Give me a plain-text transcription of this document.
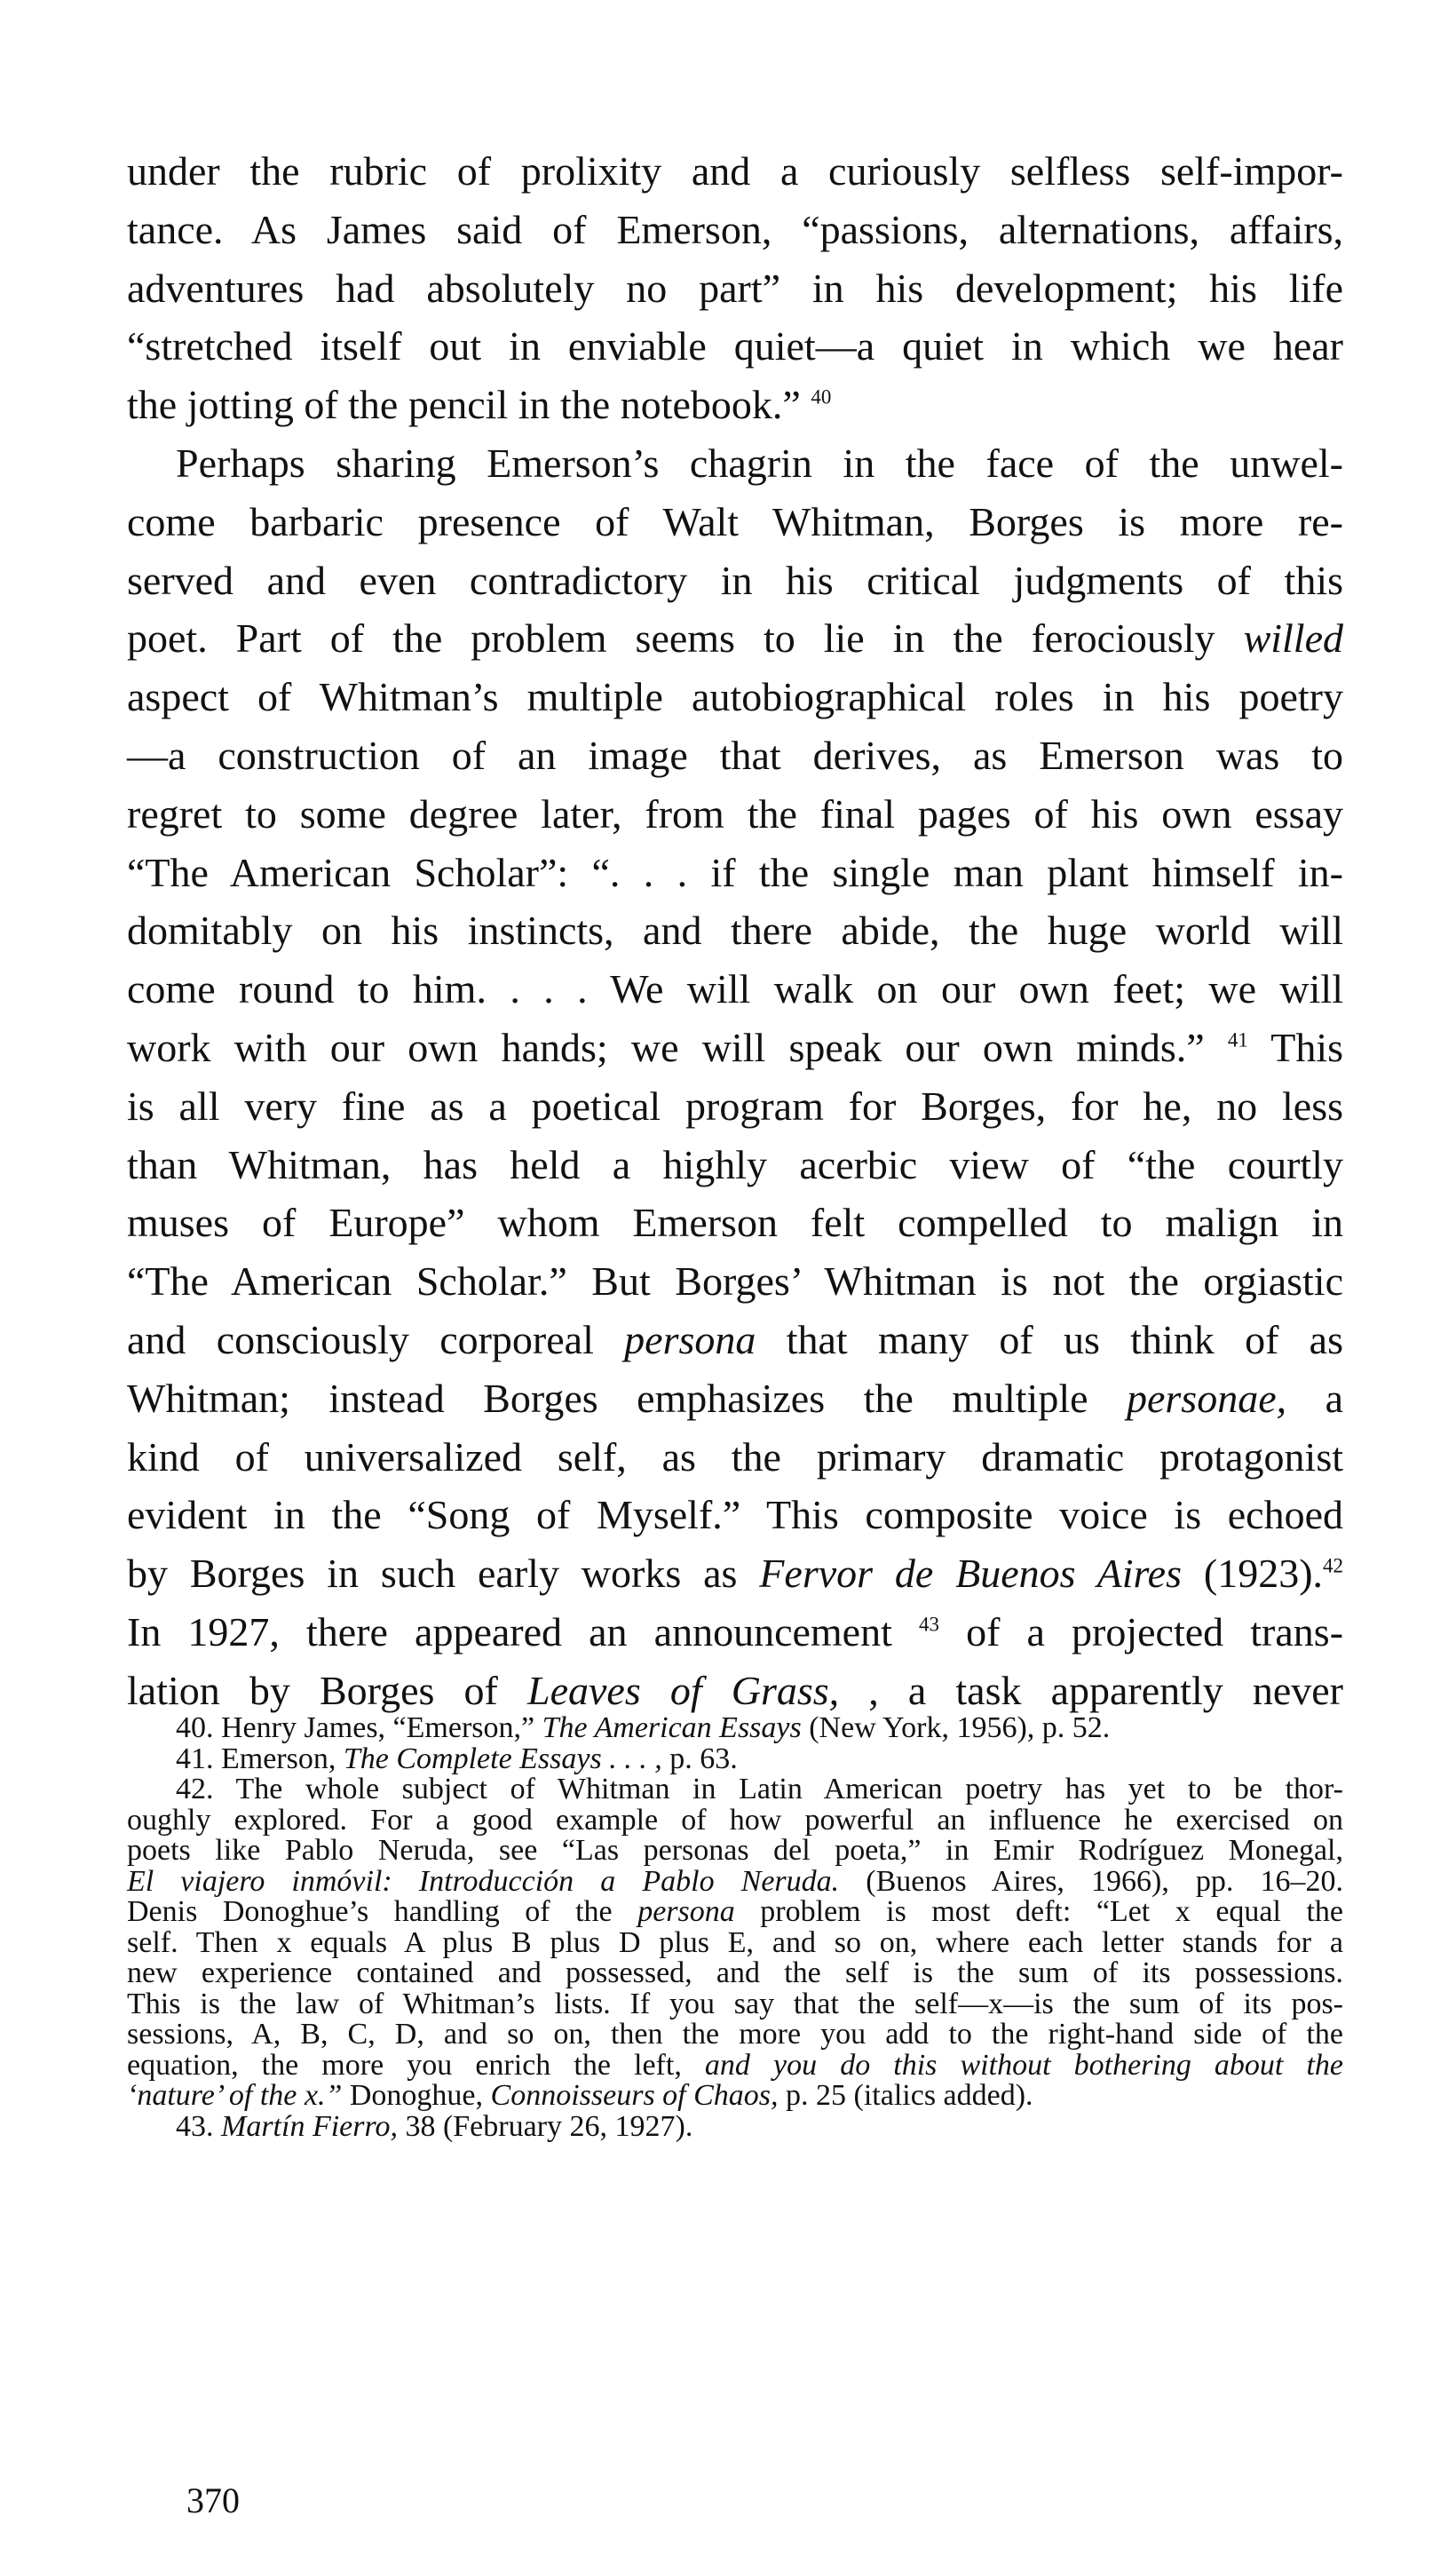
under the rubric of prolixity and a curiously selfless self-impor-
tance. As James said of Emerson, “passions, alternations, affairs,
adventures had absolutely no part” in his development; his life
“stretched itself out in enviable quiet—a quiet in which we hear
the jotting of the pencil in the notebook.” $^{40}$
Perhaps sharing Emerson’s chagrin in the face of the unwel-
come barbaric presence of Walt Whitman, Borges is more re-
served and even contradictory in his critical judgments of this
poet. Part of the problem seems to lie in the ferociously willed
aspect of Whitman’s multiple autobiographical roles in his poetry
—a construction of an image that derives, as Emerson was to
regret to some degree later, from the final pages of his own essay
“The American Scholar”: “. . . if the single man plant himself in-
domitably on his instincts, and there abide, the huge world will
come round to him. . . . We will walk on our own feet; we will
work with our own hands; we will speak our own minds.” $^{41}$ This
is all very fine as a poetical program for Borges, for he, no less
than Whitman, has held a highly acerbic view of “the courtly
muses of Europe” whom Emerson felt compelled to malign in
“The American Scholar.” But Borges’ Whitman is not the orgiastic
and consciously corporeal persona that many of us think of as
Whitman; instead Borges emphasizes the multiple personae, a
kind of universalized self, as the primary dramatic protagonist
evident in the “Song of Myself.” This composite voice is echoed
by Borges in such early works as Fervor de Buenos Aires (1923).$^{42}$
In 1927, there appeared an announcement $^{43}$ of a projected trans-
lation by Borges of Leaves of Grass, , a task apparently never
40. Henry James, “Emerson,” The American Essays (New York, 1956), p. 52.
41. Emerson, The Complete Essays . . . , p. 63.
42. The whole subject of Whitman in Latin American poetry has yet to be thor-
oughly explored. For a good example of how powerful an influence he exercised on
poets like Pablo Neruda, see “Las personas del poeta,” in Emir Rodríguez Monegal,
El viajero inmóvil: Introducción a Pablo Neruda. (Buenos Aires, 1966), pp. 16–20.
Denis Donoghue’s handling of the persona problem is most deft: “Let x equal the
self. Then x equals A plus B plus D plus E, and so on, where each letter stands for a
new experience contained and possessed, and the self is the sum of its possessions.
This is the law of Whitman’s lists. If you say that the self—x—is the sum of its pos-
sessions, A, B, C, D, and so on, then the more you add to the right-hand side of the
equation, the more you enrich the left, and you do this without bothering about the
‘nature’ of the x.” Donoghue, Connoisseurs of Chaos, p. 25 (italics added).
43. Martín Fierro, 38 (February 26, 1927).
370
